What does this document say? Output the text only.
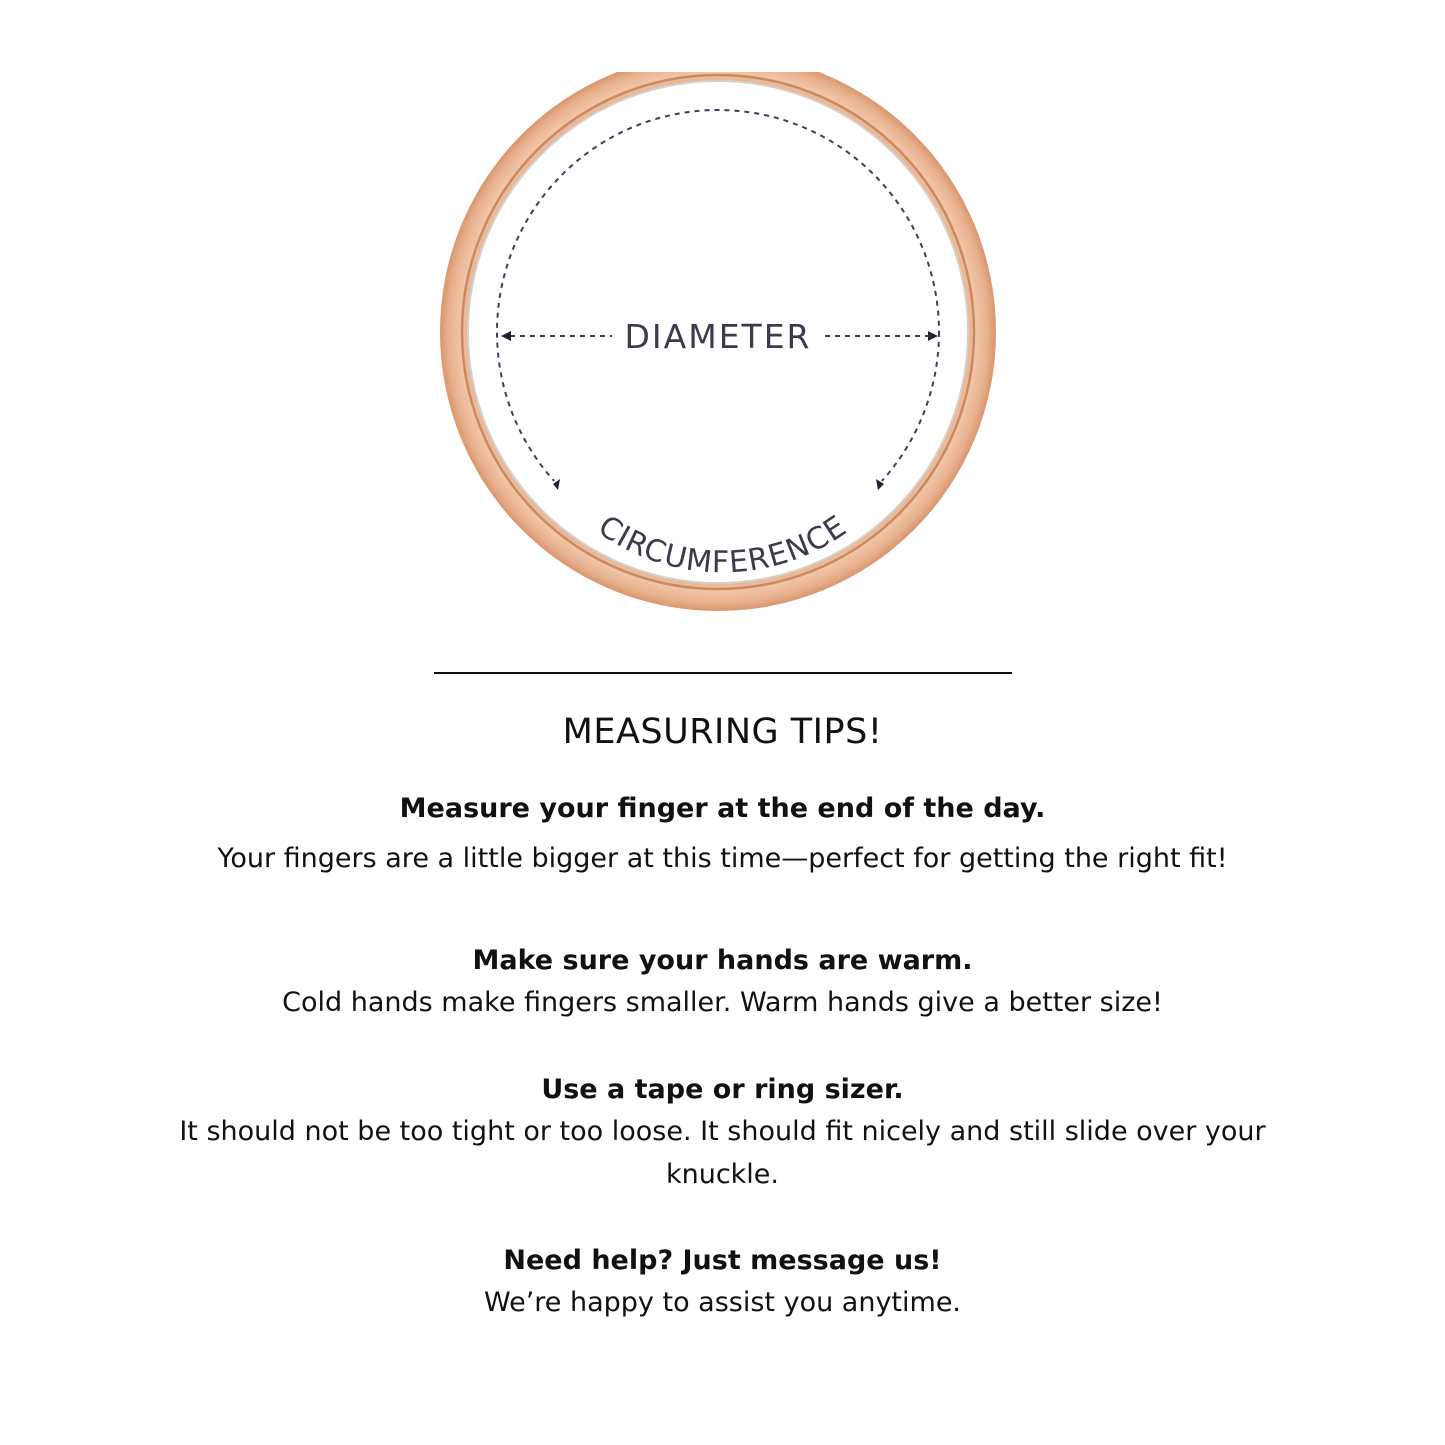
DIAMETER
CIRCUMFERENCE
MEASURING TIPS!
Measure your finger at the end of the day.
Your fingers are a little bigger at this time—perfect for getting the right fit!
Make sure your hands are warm.
Cold hands make fingers smaller. Warm hands give a better size!
Use a tape or ring sizer.
It should not be too tight or too loose. It should fit nicely and still slide over your knuckle.
Need help? Just message us!
We’re happy to assist you anytime.
